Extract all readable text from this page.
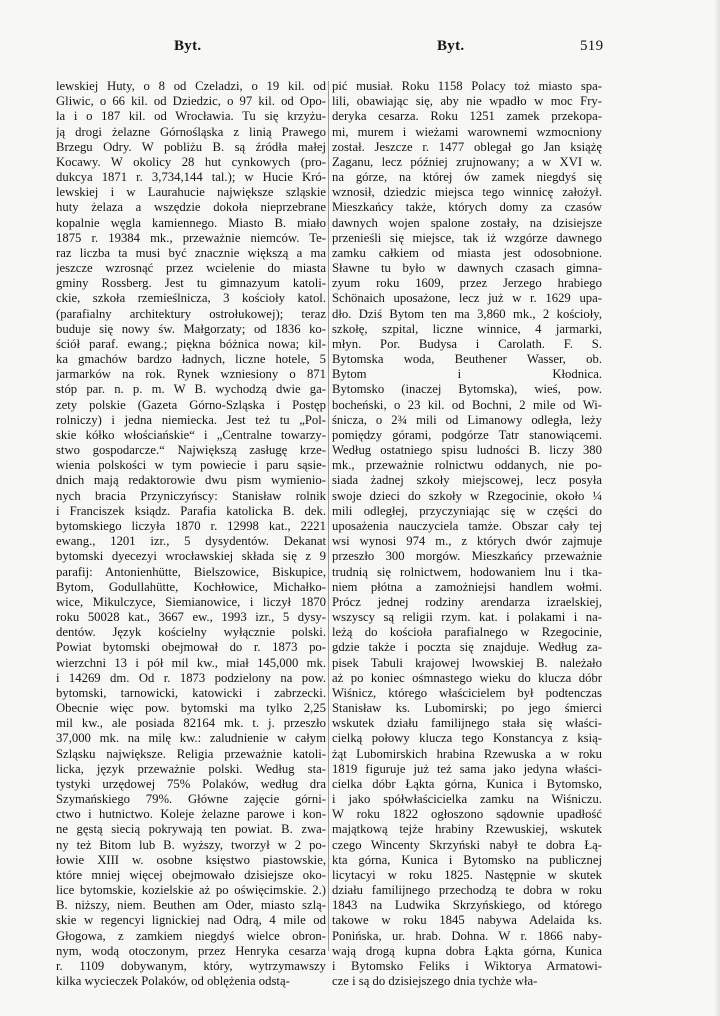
Byt.	Byt.	519
lewskiej Huty, o 8 od Czeladzi, o 19 kil. od
Gliwic, o 66 kil. od Dziedzic, o 97 kil. od Opo-
la i o 187 kil. od Wrocławia. Tu się krzyżu-
ją drogi żelazne Górnośląska z linią Prawego
Brzegu Odry. W pobliżu B. są źródła małej
Kocawy. W okolicy 28 hut cynkowych (pro-
dukcya 1871 r. 3,734,144 tal.); w Hucie Kró-
lewskiej i w Laurahucie największe szląskie
huty żelaza a wszędzie dokoła nieprzebrane
kopalnie węgla kamiennego. Miasto B. miało
1875 r. 19384 mk., przeważnie niemców. Te-
raz liczba ta musi być znacznie większą a ma
jeszcze wzrosnąć przez wcielenie do miasta
gminy Rossberg. Jest tu gimnazyum katoli-
ckie, szkoła rzemieślnicza, 3 kościoły katol.
(parafialny architektury ostrołukowej); teraz
buduje się nowy św. Małgorzaty; od 1836 ko-
ściół paraf. ewang.; piękna bóżnica nowa; kil-
ka gmachów bardzo ładnych, liczne hotele, 5
jarmarków na rok. Rynek wzniesiony o 871
stóp par. n. p. m. W B. wychodzą dwie ga-
zety polskie (Gazeta Górno-Szląska i Postęp
rolniczy) i jedna niemiecka. Jest też tu „Pol-
skie kółko włościańskie“ i „Centralne towarzy-
stwo gospodarcze.“ Największą zasługę krze-
wienia polskości w tym powiecie i paru sąsie-
dnich mają redaktorowie dwu pism wymienio-
nych bracia Przyniczyńscy: Stanisław rolnik
i Franciszek ksiądz. Parafia katolicka B. dek.
bytomskiego liczyła 1870 r. 12998 kat., 2221
ewang., 1201 izr., 5 dysydentów. Dekanat
bytomski dyecezyi wrocławskiej składa się z 9
parafij: Antonienhütte, Bielszowice, Biskupice,
Bytom, Godullahütte, Kochłowice, Michałko-
wice, Mikulczyce, Siemianowice, i liczył 1870
roku 50028 kat., 3667 ew., 1993 izr., 5 dysy-
dentów. Język kościelny wyłącznie polski.
Powiat bytomski obejmował do r. 1873 po-
wierzchni 13 i pół mil kw., miał 145,000 mk.
i 14269 dm. Od r. 1873 podzielony na pow.
bytomski, tarnowicki, katowicki i zabrzecki.
Obecnie więc pow. bytomski ma tylko 2,25
mil kw., ale posiada 82164 mk. t. j. przeszło
37,000 mk. na milę kw.: zaludnienie w całym
Szląsku największe. Religia przeważnie katoli-
licka, język przeważnie polski. Według sta-
tystyki urzędowej 75% Polaków, według dra
Szymańskiego 79%. Główne zajęcie górni-
ctwo i hutnictwo. Koleje żelazne parowe i kon-
ne gęstą siecią pokrywają ten powiat. B. zwa-
ny też Bitom lub B. wyższy, tworzył w 2 po-
łowie XIII w. osobne księstwo piastowskie,
które mniej więcej obejmowało dzisiejsze oko-
lice bytomskie, kozielskie aż po oświęcimskie. 2.)
B. niższy, niem. Beuthen am Oder, miasto szlą-
skie w regencyi lignickiej nad Odrą, 4 mile od
Głogowa, z zamkiem niegdyś wielce obron-
nym, wodą otoczonym, przez Henryka cesarza
r. 1109 dobywanym, który, wytrzymawszy
kilka wycieczek Polaków, od oblężenia odstą-
pić musiał. Roku 1158 Polacy toż miasto spa-
lili, obawiając się, aby nie wpadło w moc Fry-
deryka cesarza. Roku 1251 zamek przekopa-
mi, murem i wieżami warownemi wzmocniony
został. Jeszcze r. 1477 oblegał go Jan książę
Zaganu, lecz później zrujnowany; a w XVI w.
na górze, na której ów zamek niegdyś się
wznosił, dziedzic miejsca tego winnicę założył.
Mieszkańcy także, których domy za czasów
dawnych wojen spalone zostały, na dzisiejsze
przenieśli się miejsce, tak iż wzgórze dawnego
zamku całkiem od miasta jest odosobnione.
Sławne tu było w dawnych czasach gimna-
zyum roku 1609, przez Jerzego hrabiego
Schönaich uposażone, lecz już w r. 1629 upa-
dło. Dziś Bytom ten ma 3,860 mk., 2 kościoły,
szkołę, szpital, liczne winnice, 4 jarmarki,
młyn. Por. Budysa i Carolath. F. S.
Bytomska woda, Beuthener Wasser, ob.
Bytom i Kłodnica.
Bytomsko (inaczej Bytomska), wieś, pow.
bocheński, o 23 kil. od Bochni, 2 mile od Wi-
śnicza, o 2¾ mili od Limanowy odległa, leży
pomiędzy górami, podgórze Tatr stanowiącemi.
Według ostatniego spisu ludności B. liczy 380
mk., przeważnie rolnictwu oddanych, nie po-
siada żadnej szkoły miejscowej, lecz posyła
swoje dzieci do szkoły w Rzegocinie, około ¼
mili odległej, przyczyniając się w części do
uposażenia nauczyciela tamże. Obszar cały tej
wsi wynosi 974 m., z których dwór zajmuje
przeszło 300 morgów. Mieszkańcy przeważnie
trudnią się rolnictwem, hodowaniem lnu i tka-
niem płótna a zamożniejsi handlem wołmi.
Prócz jednej rodziny arendarza izraelskiej,
wszyscy są religii rzym. kat. i polakami i na-
leżą do kościoła parafialnego w Rzegocinie,
gdzie także i poczta się znajduje. Według za-
pisek Tabuli krajowej lwowskiej B. należało
aż po koniec ośmnastego wieku do klucza dóbr
Wiśnicz, którego właścicielem był podtenczas
Stanisław ks. Lubomirski; po jego śmierci
wskutek działu familijnego stała się właści-
cielką połowy klucza tego Konstancya z ksią-
żąt Lubomirskich hrabina Rzewuska a w roku
1819 figuruje już też sama jako jedyna właści-
cielka dóbr Łąkta górna, Kunica i Bytomsko,
i jako spółwłaścicielka zamku na Wiśniczu.
W roku 1822 ogłoszono sądownie upadłość
majątkową tejże hrabiny Rzewuskiej, wskutek
czego Wincenty Skrzyński nabył te dobra Łą-
kta górna, Kunica i Bytomsko na publicznej
licytacyi w roku 1825. Następnie w skutek
działu familijnego przechodzą te dobra w roku
1843 na Ludwika Skrzyńskiego, od którego
takowe w roku 1845 nabywa Adelaida ks.
Ponińska, ur. hrab. Dohna. W r. 1866 naby-
wają drogą kupna dobra Łąkta górna, Kunica
i Bytomsko Feliks i Wiktorya Armatowi-
cze i są do dzisiejszego dnia tychże wła-
